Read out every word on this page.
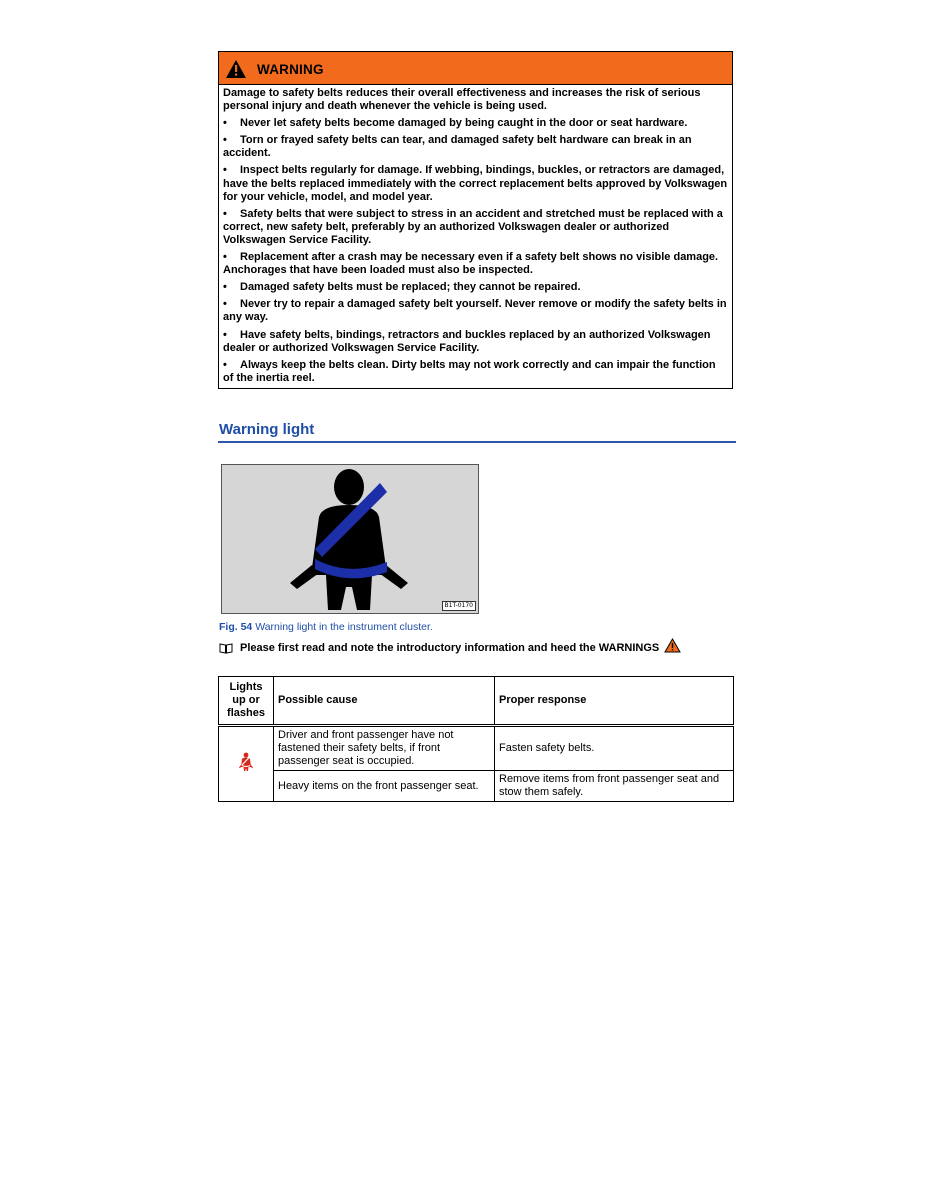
WARNING

Damage to safety belts reduces their overall effectiveness and increases the risk of serious personal injury and death whenever the vehicle is being used.

• Never let safety belts become damaged by being caught in the door or seat hardware.
• Torn or frayed safety belts can tear, and damaged safety belt hardware can break in an accident.
• Inspect belts regularly for damage. If webbing, bindings, buckles, or retractors are damaged, have the belts replaced immediately with the correct replacement belts approved by Volkswagen for your vehicle, model, and model year.
• Safety belts that were subject to stress in an accident and stretched must be replaced with a correct, new safety belt, preferably by an authorized Volkswagen dealer or authorized Volkswagen Service Facility.
• Replacement after a crash may be necessary even if a safety belt shows no visible damage. Anchorages that have been loaded must also be inspected.
• Damaged safety belts must be replaced; they cannot be repaired.
• Never try to repair a damaged safety belt yourself. Never remove or modify the safety belts in any way.
• Have safety belts, bindings, retractors and buckles replaced by an authorized Volkswagen dealer or authorized Volkswagen Service Facility.
• Always keep the belts clean. Dirty belts may not work correctly and can impair the function of the inertia reel.
Warning light
B1T-0170
Fig. 54 Warning light in the instrument cluster.
Please first read and note the introductory information and heed the WARNINGS
Lights up or flashes	Possible cause	Proper response
	Driver and front passenger have not fastened their safety belts, if front passenger seat is occupied.	Fasten safety belts.
	Heavy items on the front passenger seat.	Remove items from front passenger seat and stow them safely.
